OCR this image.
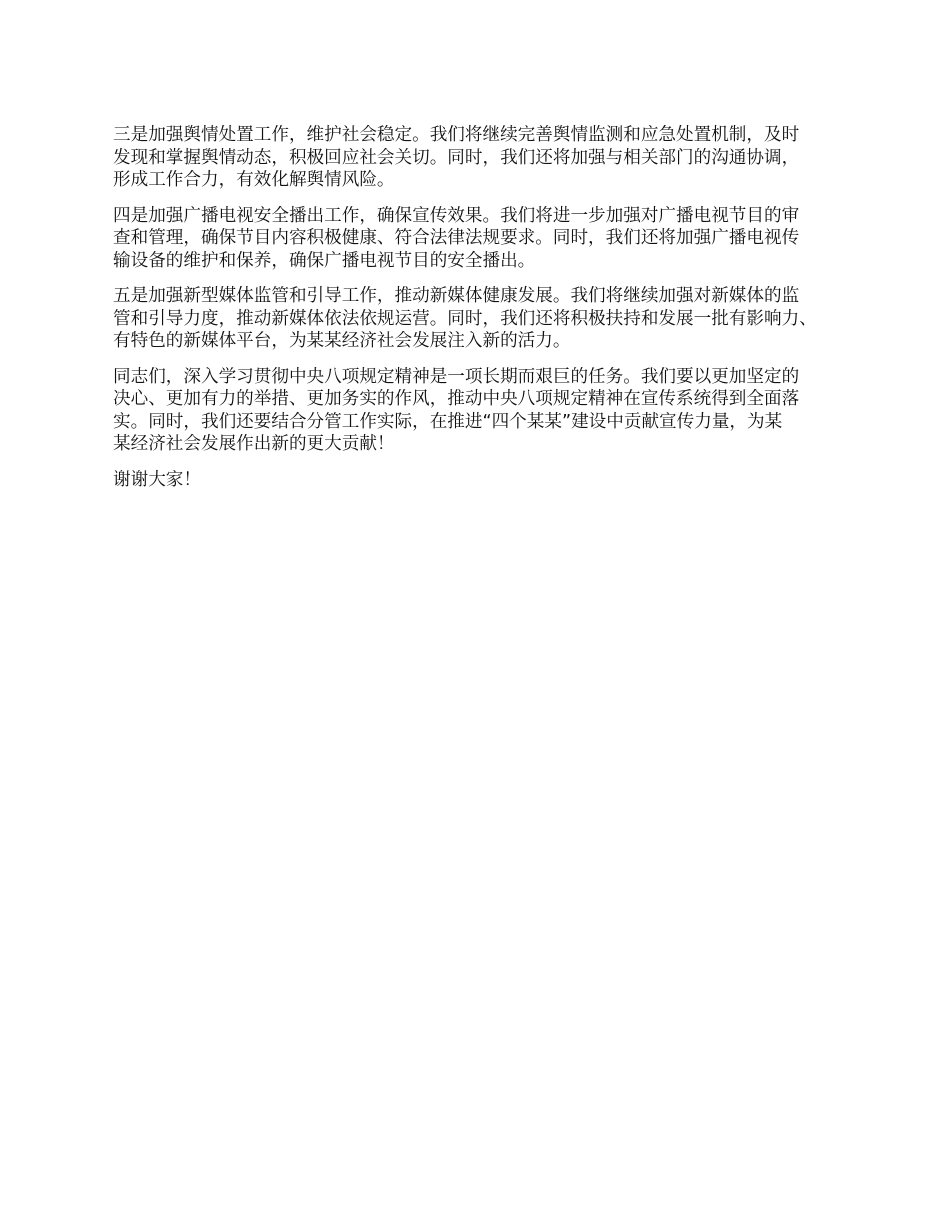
三是加强舆情处置工作，维护社会稳定。我们将继续完善舆情监测和应急处置机制，及时
发现和掌握舆情动态，积极回应社会关切。同时，我们还将加强与相关部门的沟通协调，
形成工作合力，有效化解舆情风险。

四是加强广播电视安全播出工作，确保宣传效果。我们将进一步加强对广播电视节目的审
查和管理，确保节目内容积极健康、符合法律法规要求。同时，我们还将加强广播电视传
输设备的维护和保养，确保广播电视节目的安全播出。

五是加强新型媒体监管和引导工作，推动新媒体健康发展。我们将继续加强对新媒体的监
管和引导力度，推动新媒体依法依规运营。同时，我们还将积极扶持和发展一批有影响力、
有特色的新媒体平台，为某某经济社会发展注入新的活力。

同志们，深入学习贯彻中央八项规定精神是一项长期而艰巨的任务。我们要以更加坚定的
决心、更加有力的举措、更加务实的作风，推动中央八项规定精神在宣传系统得到全面落
实。同时，我们还要结合分管工作实际，在推进“四个某某”建设中贡献宣传力量，为某
某经济社会发展作出新的更大贡献！

谢谢大家！
